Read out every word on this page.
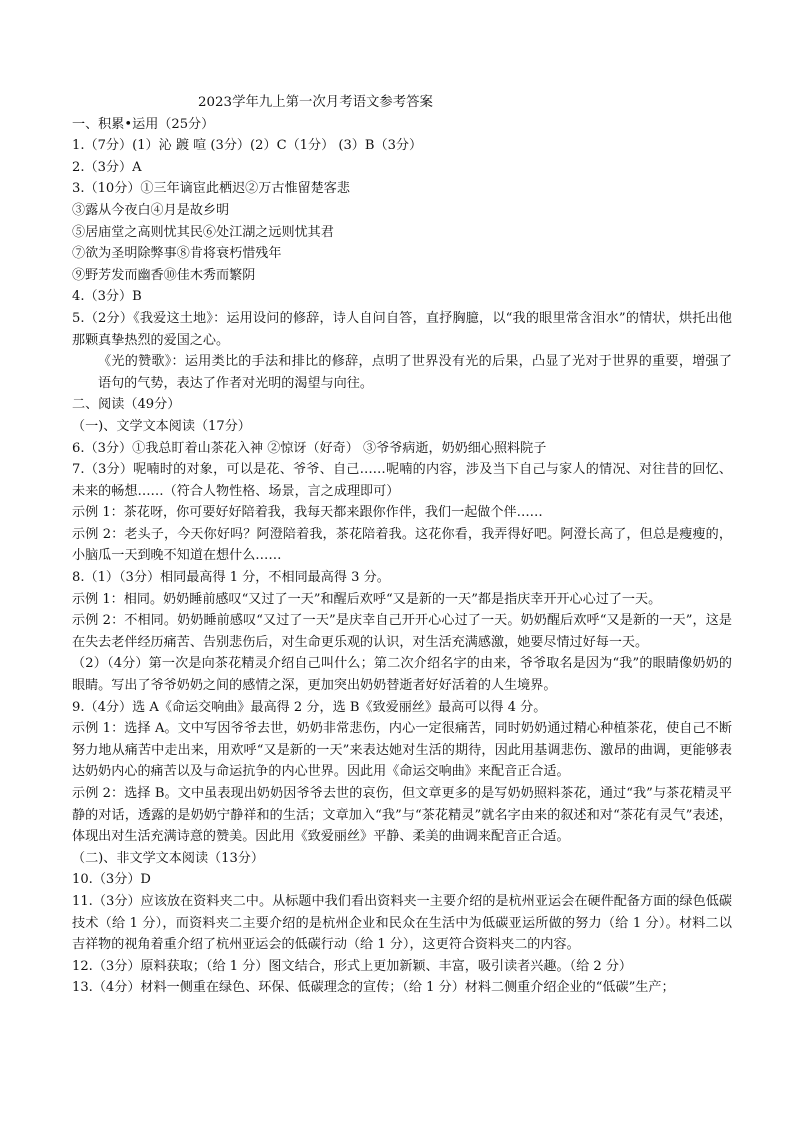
2023学年九上第一次月考语文参考答案
一、积累•运用（25分）
1.（7分）(1）沁 踱 喧 (3分）(2）C（1分） (3）B（3分）
2.（3分）A
3.（10分）①三年谪宦此栖迟②万古惟留楚客悲
③露从今夜白④月是故乡明
⑤居庙堂之高则忧其民⑥处江湖之远则忧其君
⑦欲为圣明除弊事⑧肯将衰朽惜残年
⑨野芳发而幽香⑩佳木秀而繁阴
4.（3分）B
5.（2分）《我爱这土地》：运用设问的修辞，诗人自问自答，直抒胸臆，以“我的眼里常含泪水”的情状，烘托出他那颗真挚热烈的爱国之心。
《光的赞歌》：运用类比的手法和排比的修辞，点明了世界没有光的后果，凸显了光对于世界的重要，增强了语句的气势，表达了作者对光明的渴望与向往。
二、阅读（49分）
（一)、文学文本阅读（17分）
6.（3分）①我总盯着山茶花入神 ②惊讶（好奇） ③爷爷病逝，奶奶细心照料院子
7.（3分）呢喃时的对象，可以是花、爷爷、自己……呢喃的内容，涉及当下自己与家人的情况、对往昔的回忆、未来的畅想……（符合人物性格、场景，言之成理即可）
示例 1：茶花呀，你可要好好陪着我，我每天都来跟你作伴，我们一起做个伴……
示例 2：老头子，今天你好吗？阿澄陪着我，茶花陪着我。这花你看，我弄得好吧。阿澄长高了，但总是瘦瘦的，小脑瓜一天到晚不知道在想什么……
8.（1）（3分）相同最高得 1 分，不相同最高得 3 分。
示例 1：相同。奶奶睡前感叹“又过了一天”和醒后欢呼“又是新的一天”都是指庆幸开开心心过了一天。
示例 2：不相同。奶奶睡前感叹“又过了一天”是庆幸自己开开心心过了一天。奶奶醒后欢呼“又是新的一天”，这是在失去老伴经历痛苦、告别悲伤后，对生命更乐观的认识，对生活充满感激，她要尽情过好每一天。
（2）（4分）第一次是向茶花精灵介绍自己叫什么；第二次介绍名字的由来，爷爷取名是因为“我”的眼睛像奶奶的眼睛。写出了爷爷奶奶之间的感情之深，更加突出奶奶替逝者好好活着的人生境界。
9.（4分）选 A《命运交响曲》最高得 2 分，选 B《致爱丽丝》最高可以得 4 分。
示例 1：选择 A。文中写因爷爷去世，奶奶非常悲伤，内心一定很痛苦，同时奶奶通过精心种植茶花，使自己不断努力地从痛苦中走出来，用欢呼“又是新的一天”来表达她对生活的期待，因此用基调悲伤、激昂的曲调，更能够表达奶奶内心的痛苦以及与命运抗争的内心世界。因此用《命运交响曲》来配音正合适。
示例 2：选择 B。文中虽表现出奶奶因爷爷去世的哀伤，但文章更多的是写奶奶照料茶花，通过“我”与茶花精灵平静的对话，透露的是奶奶宁静祥和的生活；文章加入“我”与“茶花精灵”就名字由来的叙述和对“茶花有灵气”表述，体现出对生活充满诗意的赞美。因此用《致爱丽丝》平静、柔美的曲调来配音正合适。
（二)、非文学文本阅读（13分）
10.（3分）D
11.（3分）应该放在资料夹二中。从标题中我们看出资料夹一主要介绍的是杭州亚运会在硬件配备方面的绿色低碳技术（给 1 分），而资料夹二主要介绍的是杭州企业和民众在生活中为低碳亚运所做的努力（给 1 分）。材料二以吉祥物的视角着重介绍了杭州亚运会的低碳行动（给 1 分），这更符合资料夹二的内容。
12.（3分）原料获取；（给 1 分）图文结合，形式上更加新颖、丰富，吸引读者兴趣。（给 2 分）
13.（4分）材料一侧重在绿色、环保、低碳理念的宣传；（给 1 分）材料二侧重介绍企业的“低碳”生产；
